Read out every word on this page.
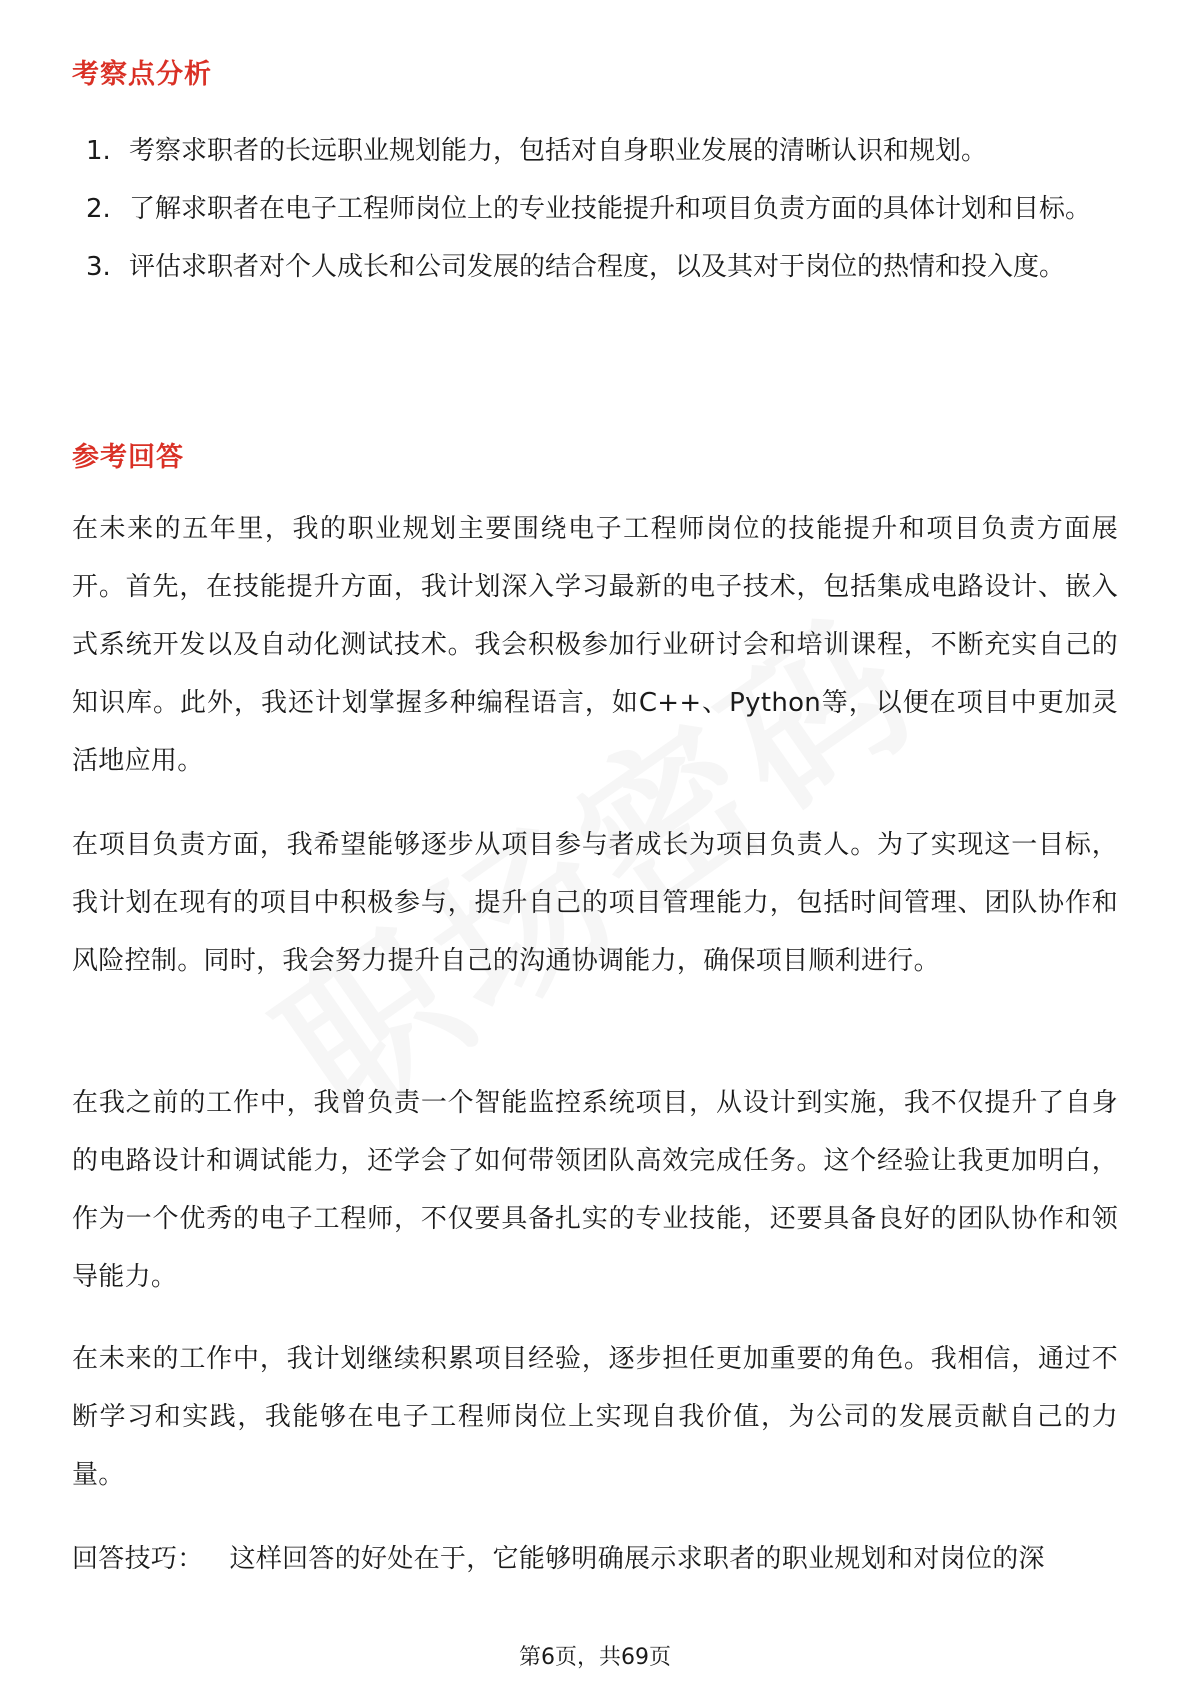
考察点分析
1. 考察求职者的长远职业规划能力，包括对自身职业发展的清晰认识和规划。
2. 了解求职者在电子工程师岗位上的专业技能提升和项目负责方面的具体计划和目标。
3. 评估求职者对个人成长和公司发展的结合程度，以及其对于岗位的热情和投入度。
参考回答

在未来的五年里，我的职业规划主要围绕电子工程师岗位的技能提升和项目负责方面展开。首先，在技能提升方面，我计划深入学习最新的电子技术，包括集成电路设计、嵌入式系统开发以及自动化测试技术。我会积极参加行业研讨会和培训课程，不断充实自己的知识库。此外，我还计划掌握多种编程语言，如C++、Python等，以便在项目中更加灵活地应用。

在项目负责方面，我希望能够逐步从项目参与者成长为项目负责人。为了实现这一目标，我计划在现有的项目中积极参与，提升自己的项目管理能力，包括时间管理、团队协作和风险控制。同时，我会努力提升自己的沟通协调能力，确保项目顺利进行。

在我之前的工作中，我曾负责一个智能监控系统项目，从设计到实施，我不仅提升了自身的电路设计和调试能力，还学会了如何带领团队高效完成任务。这个经验让我更加明白，作为一个优秀的电子工程师，不仅要具备扎实的专业技能，还要具备良好的团队协作和领导能力。

在未来的工作中，我计划继续积累项目经验，逐步担任更加重要的角色。我相信，通过不断学习和实践，我能够在电子工程师岗位上实现自我价值，为公司的发展贡献自己的力量。

回答技巧： 这样回答的好处在于，它能够明确展示求职者的职业规划和对岗位的深

第6页，共69页
